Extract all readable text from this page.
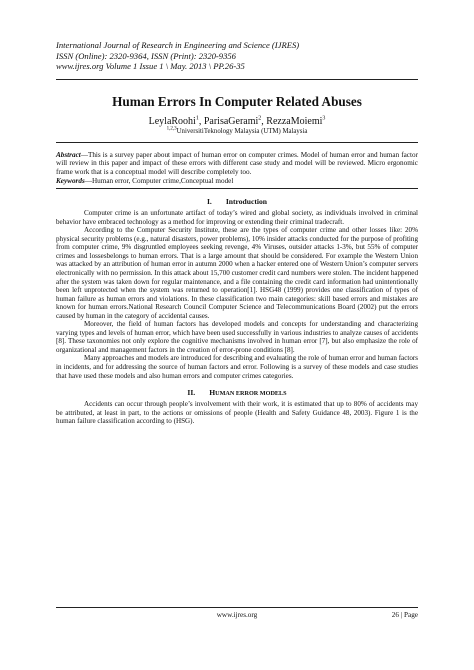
International Journal of Research in Engineering and Science (IJRES)
ISSN (Online): 2320-9364, ISSN (Print): 2320-9356
www.ijres.org Volume 1 Issue 1 \ May. 2013 \ PP.26-35
Human Errors In Computer Related Abuses
LeylaRoohi$^1$, ParisaGerami$^2$, RezzaMoiemi$^3$
$^{1,2,3}$UniversitiTeknology Malaysia (UTM) Malaysia
Abstract—This is a survey paper about impact of human error on computer crimes. Model of human error and human factor will review in this paper and impact of these errors with different case study and model will be reviewed. Micro ergonomic frame work that is a conceptual model will describe completely too.
Keywords—Human error, Computer crime,Conceptual model
I. Introduction

Computer crime is an unfortunate artifact of today’s wired and global society, as individuals involved in criminal behavior have embraced technology as a method for improving or extending their criminal tradecraft.

According to the Computer Security Institute, these are the types of computer crime and other losses like: 20% physical security problems (e.g., natural disasters, power problems), 10% insider attacks conducted for the purpose of profiting from computer crime, 9% disgruntled employees seeking revenge, 4% Viruses, outsider attacks 1-3%, but 55% of computer crimes and lossesbelongs to human errors. That is a large amount that should be considered. For example the Western Union was attacked by an attribution of human error in autumn 2000 when a hacker entered one of Western Union’s computer servers electronically with no permission. In this attack about 15,700 customer credit card numbers were stolen. The incident happened after the system was taken down for regular maintenance, and a file containing the credit card information had unintentionally been left unprotected when the system was returned to operation[1]. HSG48 (1999) provides one classification of types of human failure as human errors and violations. In these classification two main categories: skill based errors and mistakes are known for human errors.National Research Council Computer Science and Telecommunications Board (2002) put the errors caused by human in the category of accidental causes.

Moreover, the field of human factors has developed models and concepts for understanding and characterizing varying types and levels of human error, which have been used successfully in various industries to analyze causes of accidents [8]. These taxonomies not only explore the cognitive mechanisms involved in human error [7], but also emphasize the role of organizational and management factors in the creation of error-prone conditions [8].

Many approaches and models are introduced for describing and evaluating the role of human error and human factors in incidents, and for addressing the source of human factors and error. Following is a survey of these models and case studies that have used these models and also human errors and computer crimes categories.

II. HUMAN ERROR MODELS

Accidents can occur through people’s involvement with their work, it is estimated that up to 80% of accidents may be attributed, at least in part, to the actions or omissions of people (Health and Safety Guidance 48, 2003). Figure 1 is the human failure classification according to (HSG).

www.ijres.org	26 | Page
